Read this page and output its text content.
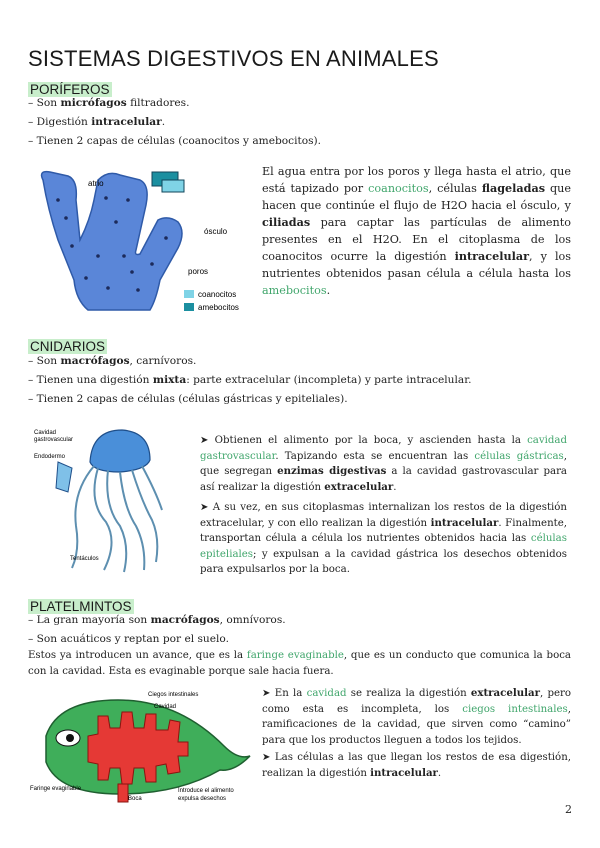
SISTEMAS DIGESTIVOS EN ANIMALES
PORÍFEROS
– Son micrófagos filtradores.
– Digestión intracelular.
– Tienen 2 capas de células (coanocitos y amebocitos).
atrio
ósculo
poros
coanocitos
amebocitos
El agua entra por los poros y llega hasta el atrio, que está tapizado por coanocitos, células flageladas que hacen que continúe el flujo de H2O hacia el ósculo, y ciliadas para captar las partículas de alimento presentes en el H2O. En el citoplasma de los coanocitos ocurre la digestión intracelular, y los nutrientes obtenidos pasan célula a célula hasta los amebocitos.
CNIDARIOS
– Son macrófagos, carnívoros.
– Tienen una digestión mixta: parte extracelular (incompleta) y parte intracelular.
– Tienen 2 capas de células (células gástricas y epiteliales).
Cavidad
gastrovascular
Endodermo
Tentáculos
➤ Obtienen el alimento por la boca, y ascienden hasta la cavidad gastrovascular. Tapizando esta se encuentran las células gástricas, que segregan enzimas digestivas a la cavidad gastrovascular para así realizar la digestión extracelular.
➤ A su vez, en sus citoplasmas internalizan los restos de la digestión extracelular, y con ello realizan la digestión intracelular. Finalmente, transportan célula a célula los nutrientes obtenidos hacia las células epiteliales; y expulsan a la cavidad gástrica los desechos obtenidos para expulsarlos por la boca.
PLATELMINTOS
– La gran mayoría son macrófagos, omnívoros.
– Son acuáticos y reptan por el suelo.
Estos ya introducen un avance, que es la faringe evaginable, que es un conducto que comunica la boca con la cavidad. Esta es evaginable porque sale hacia fuera.
Ciegos intestinales
Cavidad
Faringe evaginable
Boca
Introduce el alimento
expulsa desechos
➤ En la cavidad se realiza la digestión extracelular, pero como esta es incompleta, los ciegos intestinales, ramificaciones de la cavidad, que sirven como “camino” para que los productos lleguen a todos los tejidos.
➤ Las células a las que llegan los restos de esa digestión, realizan la digestión intracelular.
2
